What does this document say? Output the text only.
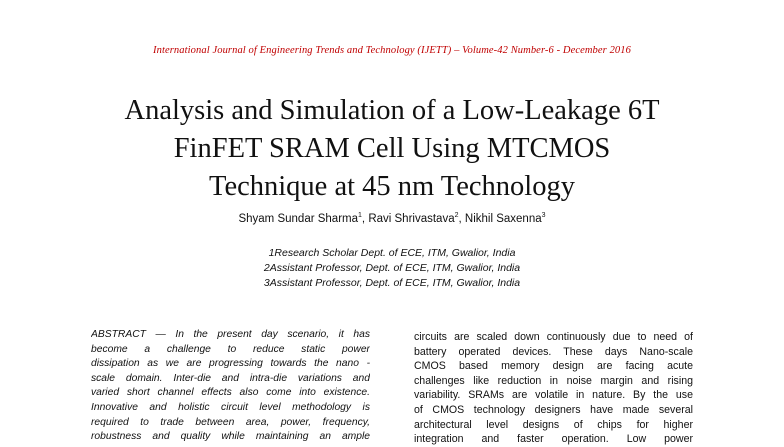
International Journal of Engineering Trends and Technology (IJETT) – Volume-42 Number-6 - December 2016
Analysis and Simulation of a Low-Leakage 6T
FinFET SRAM Cell Using MTCMOS
Technique at 45 nm Technology
Shyam Sundar Sharma$^1$, Ravi Shrivastava$^2$, Nikhil Saxenna$^3$
1Research Scholar Dept. of ECE, ITM, Gwalior, India
2Assistant Professor, Dept. of ECE, ITM, Gwalior, India
3Assistant Professor, Dept. of ECE, ITM, Gwalior, India
ABSTRACT — In the present day scenario, it has
become a challenge to reduce static power
dissipation as we are progressing towards the nano -
scale domain. Inter-die and intra-die variations and
varied short channel effects also come into existence.
Innovative and holistic circuit level methodology is
required to trade between area, power, frequency,
robustness and quality while maintaining an ample
circuits are scaled down continuously due to need of
battery operated devices. These days Nano-scale
CMOS based memory design are facing acute
challenges like reduction in noise margin and rising
variability. SRAMs are volatile in nature. By the use
of CMOS technology designers have made several
architectural level designs of chips for higher
integration and faster operation. Low power
